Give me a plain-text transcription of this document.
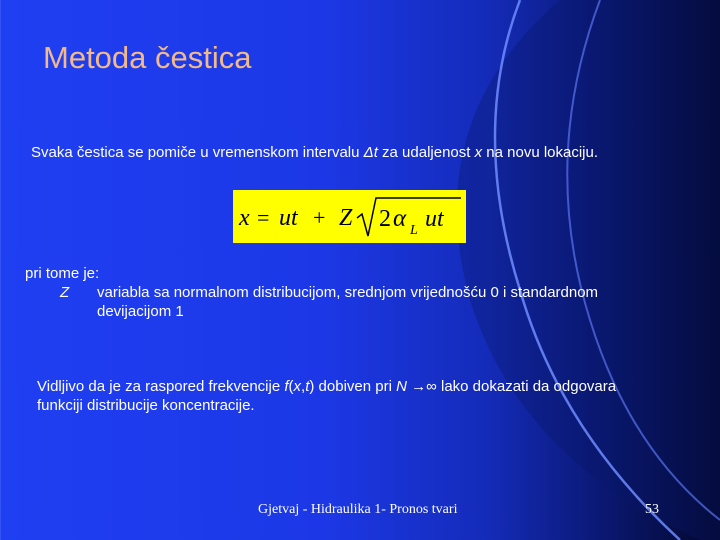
Metoda čestica
Svaka čestica se pomiče u vremenskom intervalu Δt za udaljenost x na novu lokaciju.
x = ut + Z 2 α L ut
pri tome je:
Z variabla sa normalnom distribucijom, srednjom vrijednošću 0 i standardnom
devijacijom 1
Vidljivo da je za raspored frekvencije f(x,t) dobiven pri N →∞ lako dokazati da odgovara
funkciji distribucije koncentracije.
Gjetvaj - Hidraulika 1- Pronos tvari	53
